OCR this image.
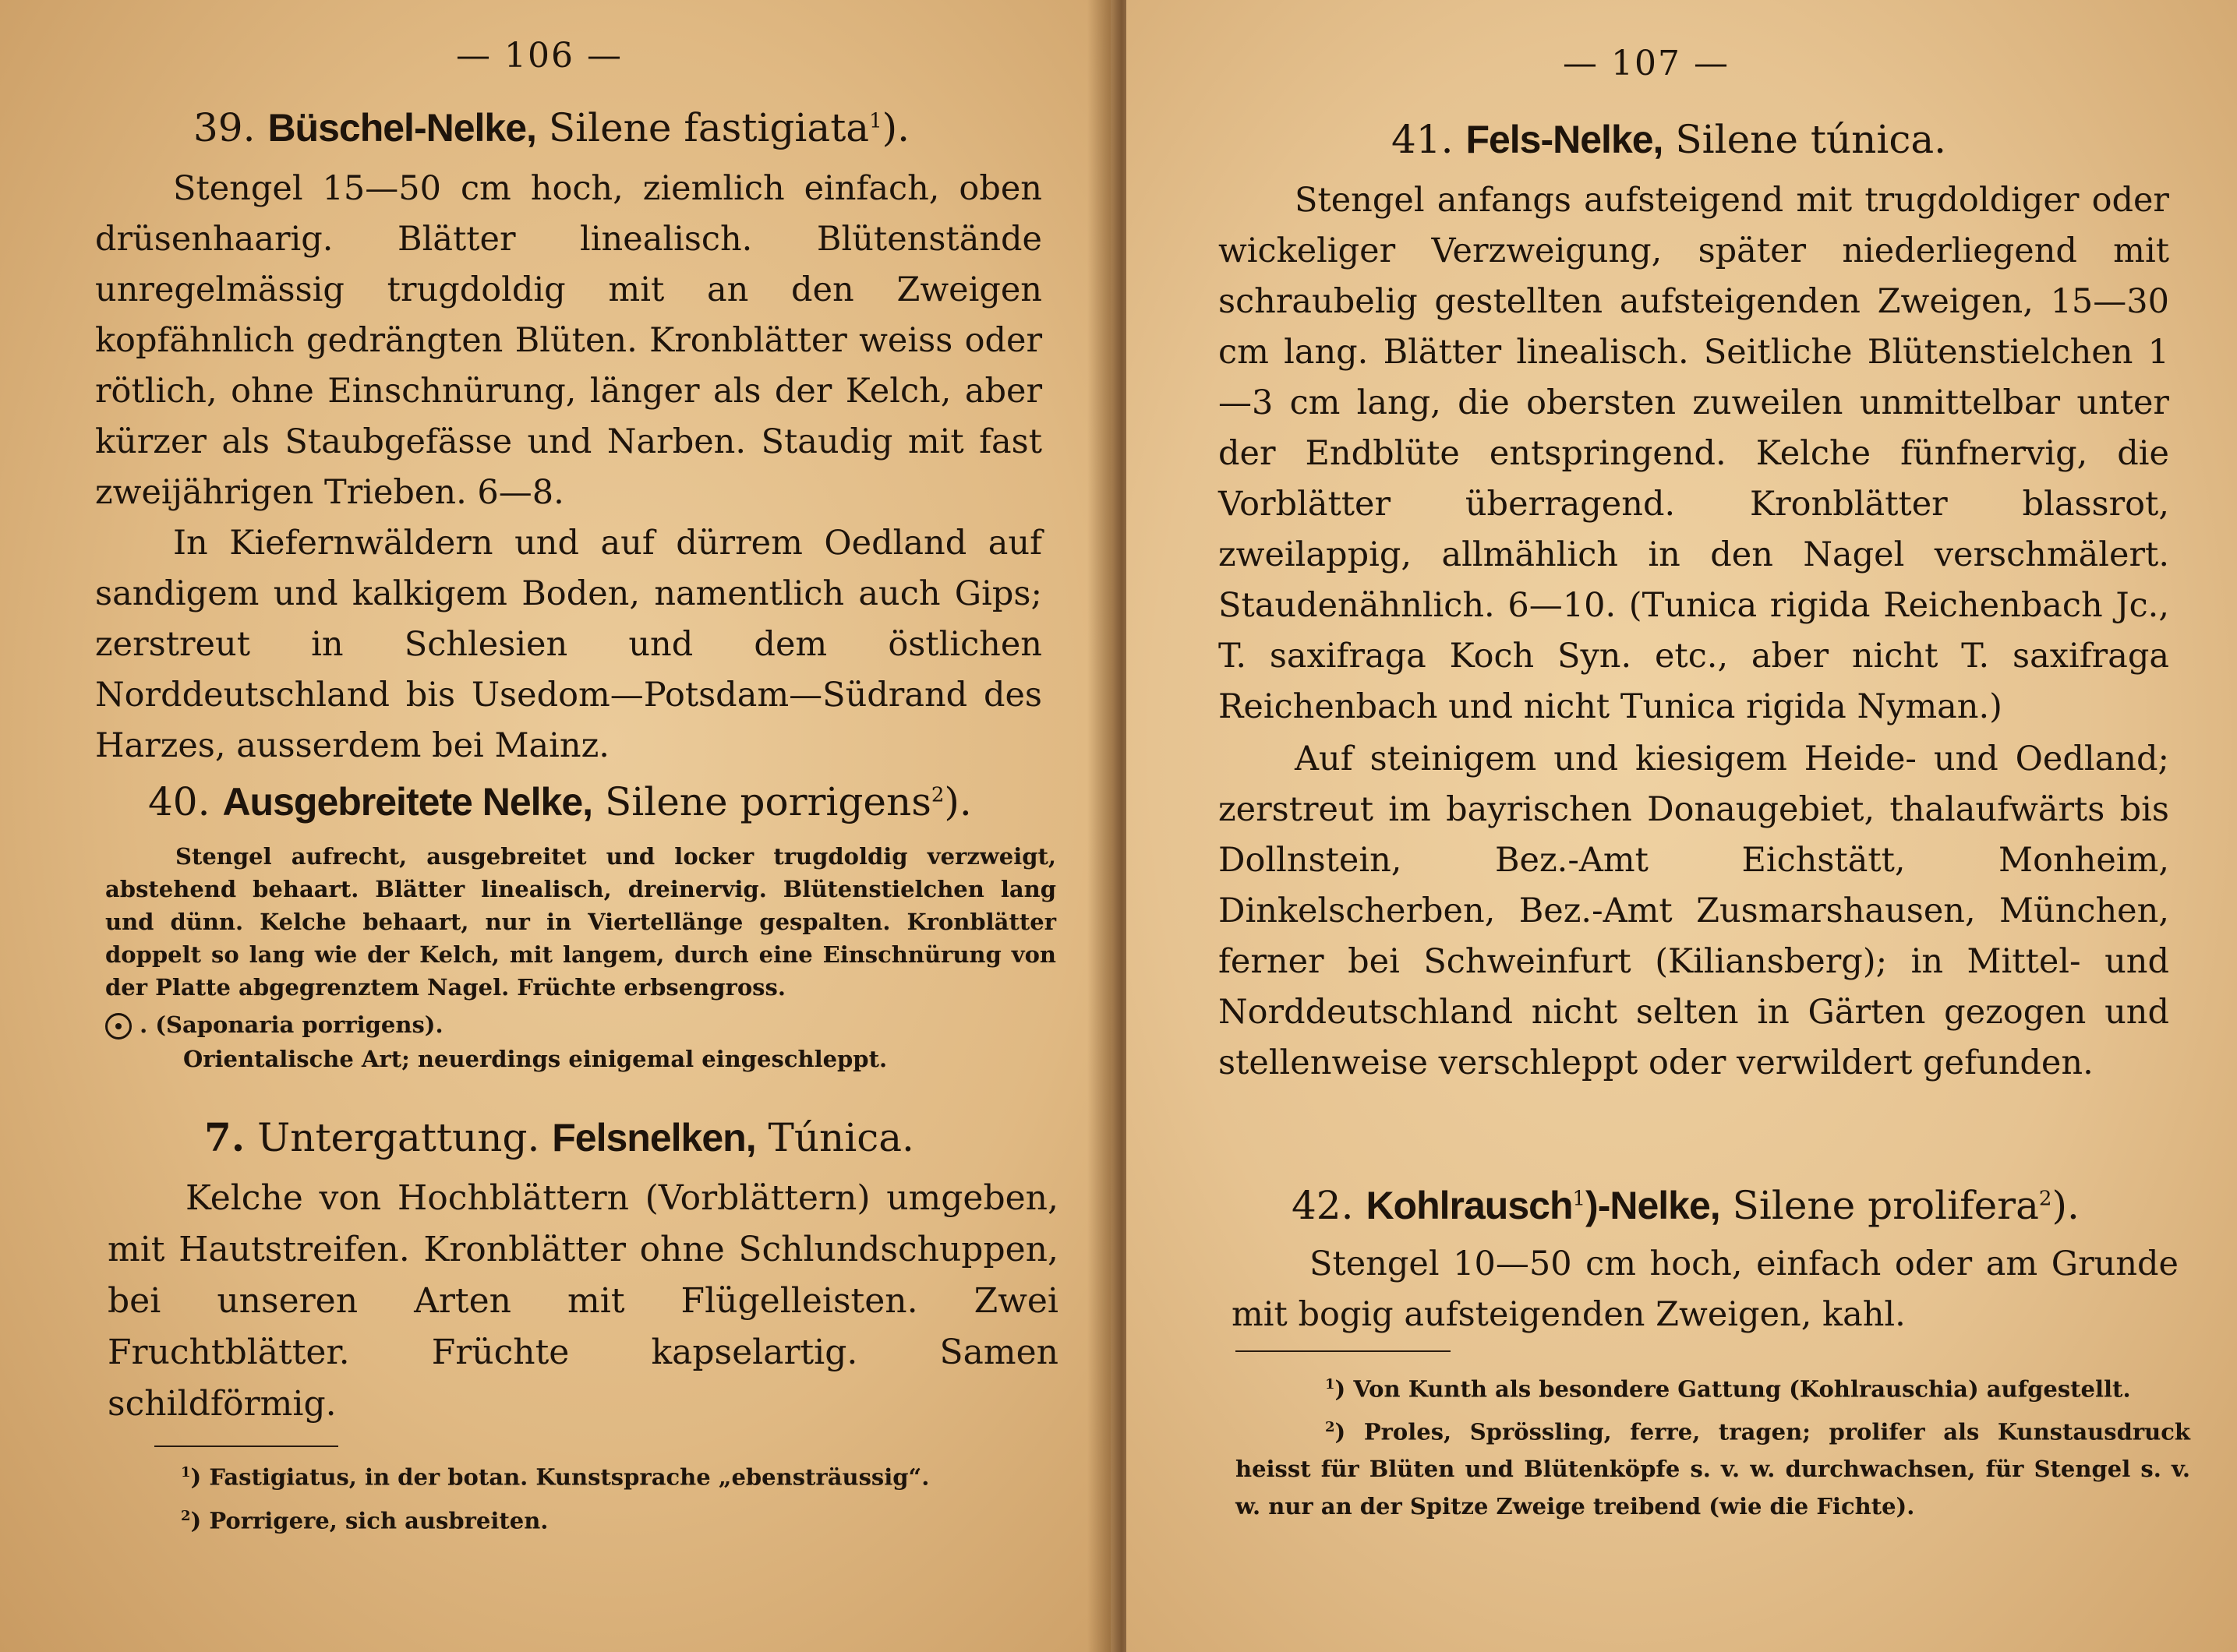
— 106 —

39. Büschel-Nelke, Silene fastigiata$^1$).

Stengel 15—50 cm hoch, ziemlich einfach, oben drüsenhaarig. Blätter linealisch. Blütenstände unregelmässig trugdoldig mit an den Zweigen kopfähnlich gedrängten Blüten. Kronblätter weiss oder rötlich, ohne Einschnürung, länger als der Kelch, aber kürzer als Staubgefässe und Narben. Staudig mit fast zweijährigen Trieben. 6—8.

In Kiefernwäldern und auf dürrem Oedland auf sandigem und kalkigem Boden, namentlich auch Gips; zerstreut in Schlesien und dem östlichen Norddeutschland bis Usedom—Potsdam—Südrand des Harzes, ausserdem bei Mainz.

40. Ausgebreitete Nelke, Silene porrigens$^2$).

Stengel aufrecht, ausgebreitet und locker trugdoldig verzweigt, abstehend behaart. Blätter linealisch, dreinervig. Blütenstielchen lang und dünn. Kelche behaart, nur in Viertellänge gespalten. Kronblätter doppelt so lang wie der Kelch, mit langem, durch eine Einschnürung von der Platte abgegrenztem Nagel. Früchte erbsengross.

. (Saponaria porrigens).

Orientalische Art; neuerdings einigemal eingeschleppt.

7. Untergattung. Felsnelken, Túnica.

Kelche von Hochblättern (Vorblättern) umgeben, mit Hautstreifen. Kronblätter ohne Schlundschuppen, bei unseren Arten mit Flügelleisten. Zwei Fruchtblätter. Früchte kapselartig. Samen schildförmig.

$^1$) Fastigiatus, in der botan. Kunstsprache „ebensträussig“.

$^2$) Porrigere, sich ausbreiten.

— 107 —

41. Fels-Nelke, Silene túnica.

Stengel anfangs aufsteigend mit trugdoldiger oder wickeliger Verzweigung, später niederliegend mit schraubelig gestellten aufsteigenden Zweigen, 15—30 cm lang. Blätter linealisch. Seitliche Blütenstielchen 1—3 cm lang, die obersten zuweilen unmittelbar unter der Endblüte entspringend. Kelche fünfnervig, die Vorblätter überragend. Kronblätter blassrot, zweilappig, allmählich in den Nagel verschmälert. Staudenähnlich. 6—10. (Tunica rigida Reichenbach Jc., T. saxifraga Koch Syn. etc., aber nicht T. saxifraga Reichenbach und nicht Tunica rigida Nyman.)

Auf steinigem und kiesigem Heide- und Oedland; zerstreut im bayrischen Donaugebiet, thalaufwärts bis Dollnstein, Bez.-Amt Eichstätt, Monheim, Dinkelscherben, Bez.-Amt Zusmarshausen, München, ferner bei Schweinfurt (Kiliansberg); in Mittel- und Norddeutschland nicht selten in Gärten gezogen und stellenweise verschleppt oder verwildert gefunden.

42. Kohlrausch$^1$)-Nelke, Silene prolifera$^2$).

Stengel 10—50 cm hoch, einfach oder am Grunde mit bogig aufsteigenden Zweigen, kahl.

$^1$) Von Kunth als besondere Gattung (Kohlrauschia) aufgestellt.

$^2$) Proles, Sprössling, ferre, tragen; prolifer als Kunstausdruck heisst für Blüten und Blütenköpfe s. v. w. durchwachsen, für Stengel s. v. w. nur an der Spitze Zweige treibend (wie die Fichte).
